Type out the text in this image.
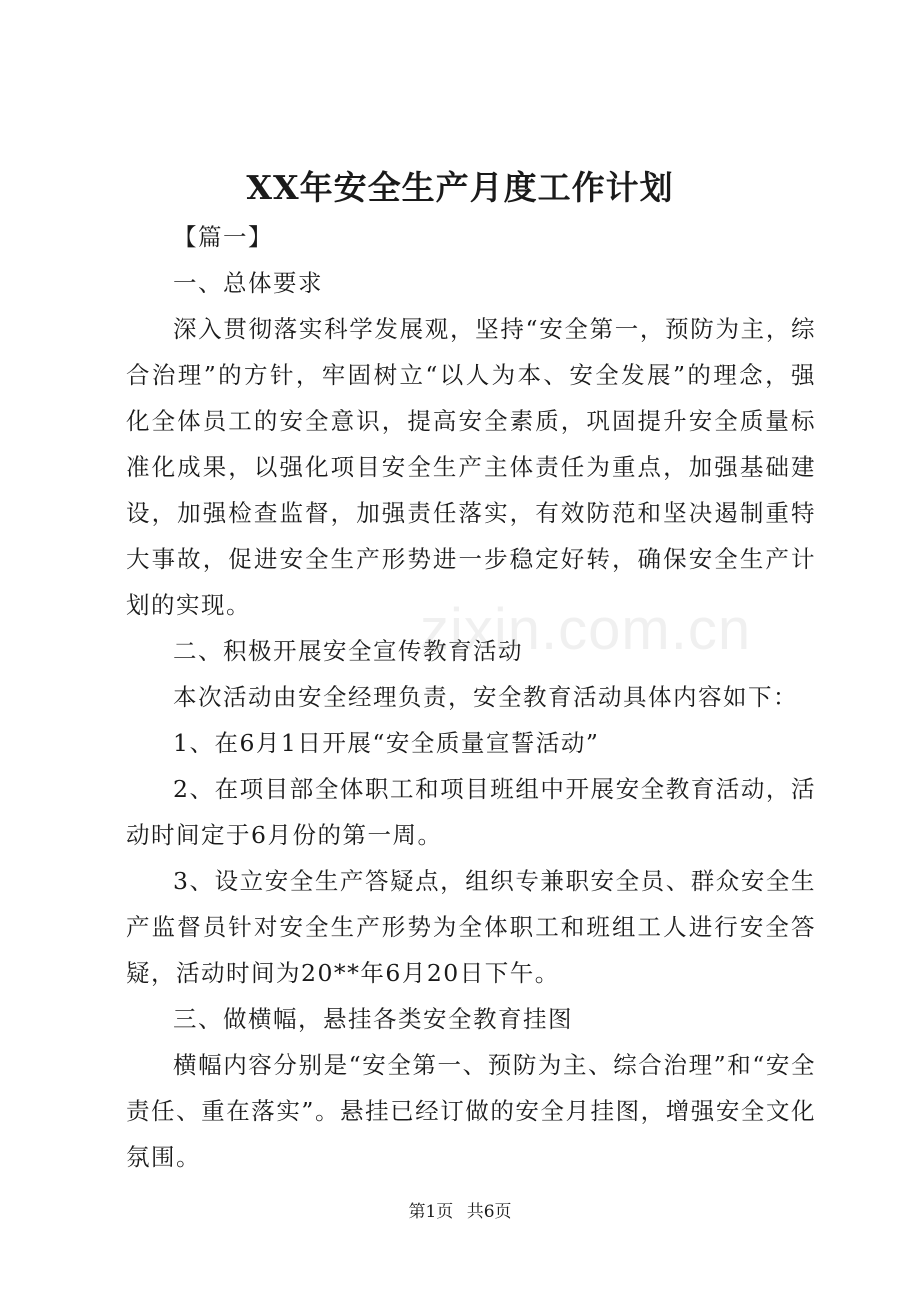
XX年安全生产月度工作计划

【篇一】

一、总体要求

深入贯彻落实科学发展观，坚持“安全第一，预防为主，综合治理”的方针，牢固树立“以人为本、安全发展”的理念，强化全体员工的安全意识，提高安全素质，巩固提升安全质量标准化成果，以强化项目安全生产主体责任为重点，加强基础建设，加强检查监督，加强责任落实，有效防范和坚决遏制重特大事故，促进安全生产形势进一步稳定好转，确保安全生产计划的实现。

二、积极开展安全宣传教育活动

本次活动由安全经理负责，安全教育活动具体内容如下：

1、在6月1日开展“安全质量宣誓活动”

2、在项目部全体职工和项目班组中开展安全教育活动，活动时间定于6月份的第一周。

3、设立安全生产答疑点，组织专兼职安全员、群众安全生产监督员针对安全生产形势为全体职工和班组工人进行安全答疑，活动时间为20**年6月20日下午。

三、做横幅，悬挂各类安全教育挂图

横幅内容分别是“安全第一、预防为主、综合治理”和“安全责任、重在落实”。悬挂已经订做的安全月挂图，增强安全文化氛围。

zixin.com.cn
第1页 共6页
